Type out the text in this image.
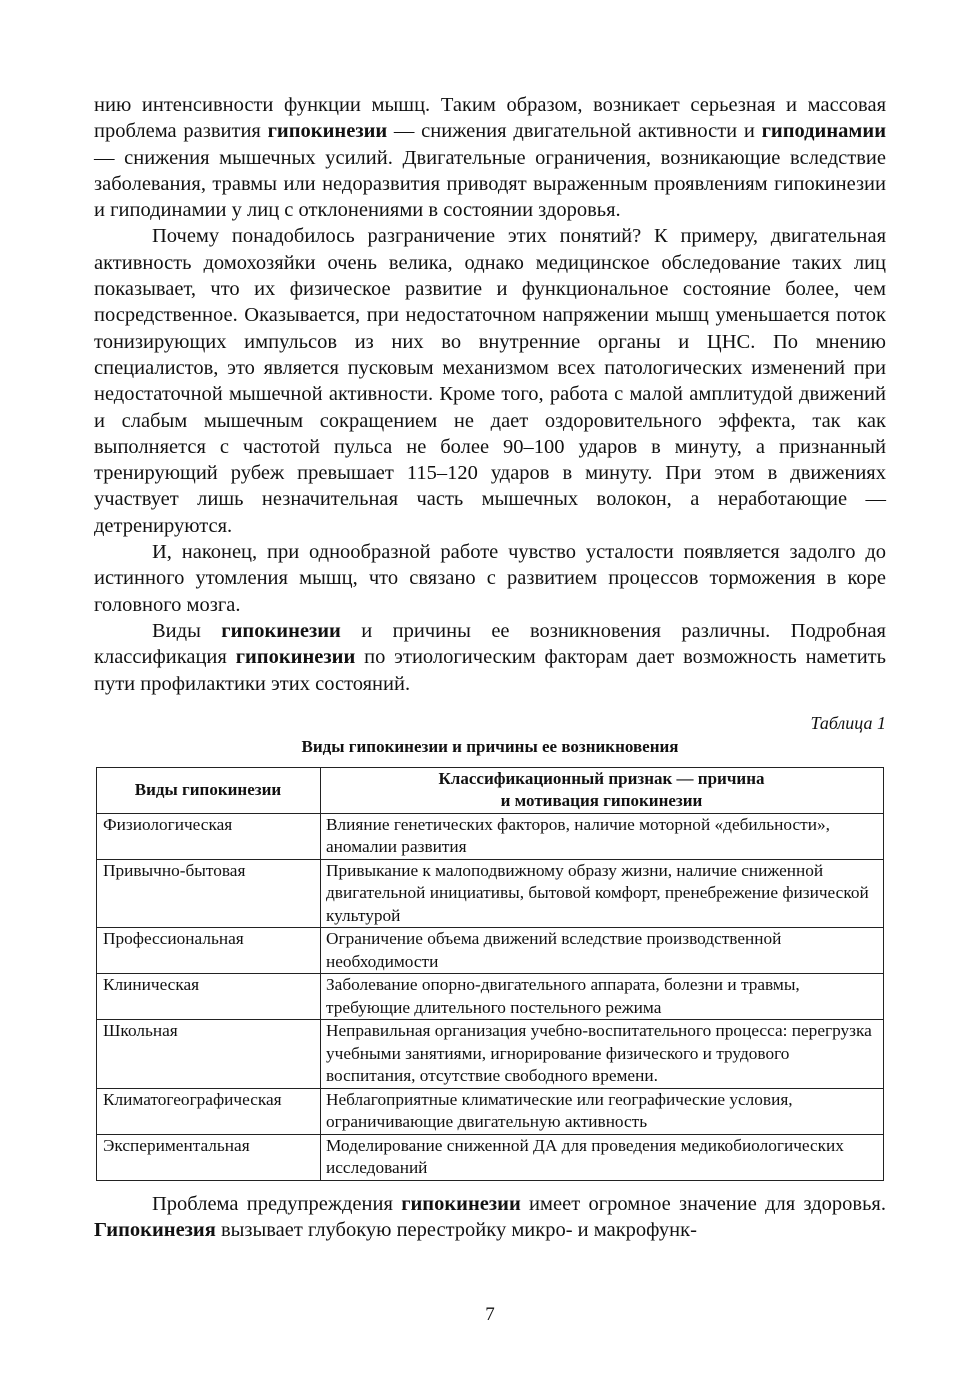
нию интенсивности функции мышц. Таким образом, возникает серьезная и массовая проблема развития гипокинезии — снижения двигательной активности и гиподинамии — снижения мышечных усилий. Двигательные ограничения, возникающие вследствие заболевания, травмы или недоразвития приводят выраженным проявлениям гипокинезии и гиподинамии у лиц с отклонениями в состоянии здоровья.

Почему понадобилось разграничение этих понятий? К примеру, двигательная активность домохозяйки очень велика, однако медицинское обследование таких лиц показывает, что их физическое развитие и функциональное состояние более, чем посредственное. Оказывается, при недостаточном напряжении мышц уменьшается поток тонизирующих импульсов из них во внутренние органы и ЦНС. По мнению специалистов, это является пусковым механизмом всех патологических изменений при недостаточной мышечной активности. Кроме того, работа с малой амплитудой движений и слабым мышечным сокращением не дает оздоровительного эффекта, так как выполняется с частотой пульса не более 90–100 ударов в минуту, а признанный тренирующий рубеж превышает 115–120 ударов в минуту. При этом в движениях участвует лишь незначительная часть мышечных волокон, а неработающие — детренируются.

И, наконец, при однообразной работе чувство усталости появляется задолго до истинного утомления мышц, что связано с развитием процессов торможения в коре головного мозга.

Виды гипокинезии и причины ее возникновения различны. Подробная классификация гипокинезии по этиологическим факторам дает возможность наметить пути профилактики этих состояний.

Таблица 1
Виды гипокинезии и причины ее возникновения
Виды гипокинезии	Классификационный признак — причина
и мотивация гипокинезии
Физиологическая	Влияние генетических факторов, наличие моторной «дебильности», аномалии развития
Привычно-бытовая	Привыкание к малоподвижному образу жизни, наличие сниженной двигательной инициативы, бытовой комфорт, пренебрежение физической культурой
Профессиональная	Ограничение объема движений вследствие производственной необходимости
Клиническая	Заболевание опорно-двигательного аппарата, болезни и травмы, требующие длительного постельного режима
Школьная	Неправильная организация учебно-воспитательного процесса: перегрузка учебными занятиями, игнорирование физического и трудового воспитания, отсутствие свободного времени.
Климатогеографическая	Неблагоприятные климатические или географические условия, ограничивающие двигательную активность
Экспериментальная	Моделирование сниженной ДА для проведения медикобиологических исследований

Проблема предупреждения гипокинезии имеет огромное значение для здоровья. Гипокинезия вызывает глубокую перестройку микро- и макрофунк-

7
